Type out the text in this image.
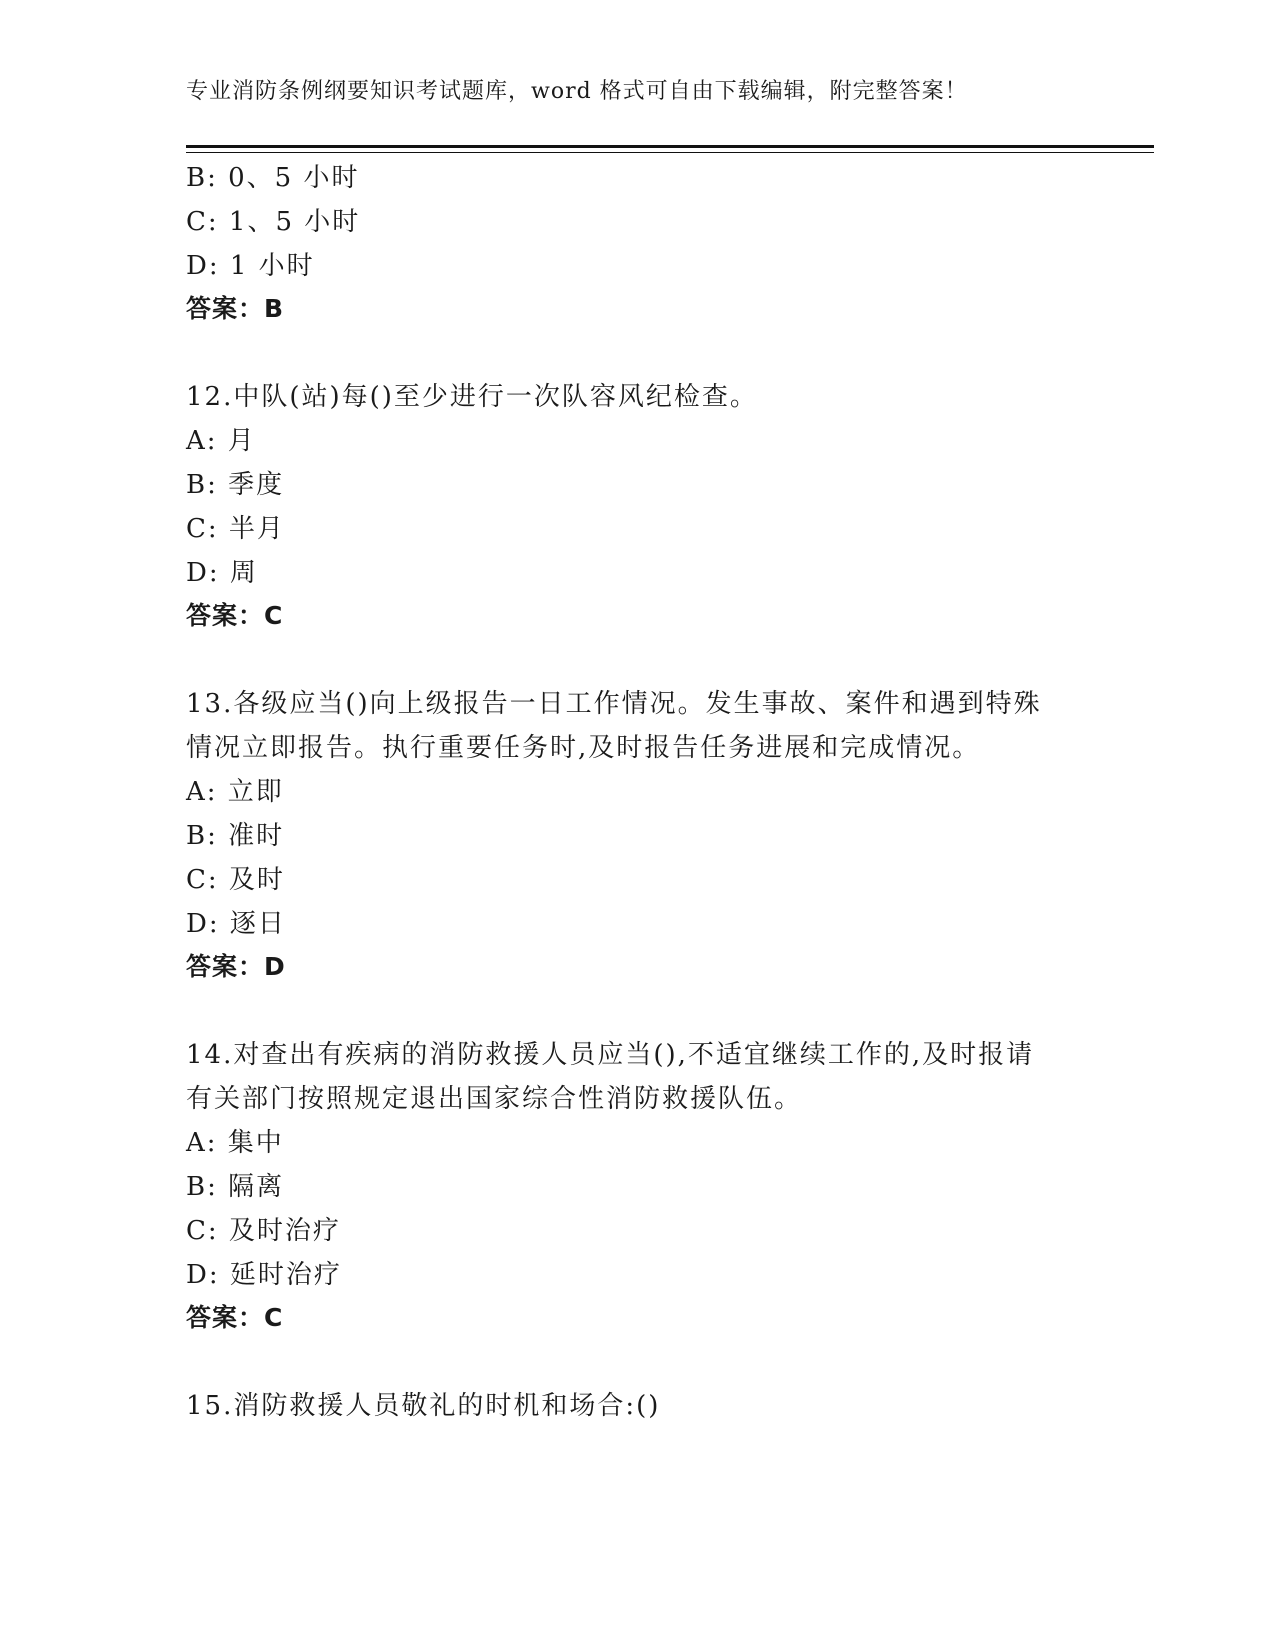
专业消防条例纲要知识考试题库，word 格式可自由下载编辑，附完整答案！
B: 0、5 小时
C: 1、5 小时
D: 1 小时
答案：B
12.中队(站)每()至少进行一次队容风纪检查。
A: 月
B: 季度
C: 半月
D: 周
答案：C
13.各级应当()向上级报告一日工作情况。发生事故、案件和遇到特殊
情况立即报告。执行重要任务时,及时报告任务进展和完成情况。
A: 立即
B: 准时
C: 及时
D: 逐日
答案：D
14.对查出有疾病的消防救援人员应当(),不适宜继续工作的,及时报请
有关部门按照规定退出国家综合性消防救援队伍。
A: 集中
B: 隔离
C: 及时治疗
D: 延时治疗
答案：C
15.消防救援人员敬礼的时机和场合:()
